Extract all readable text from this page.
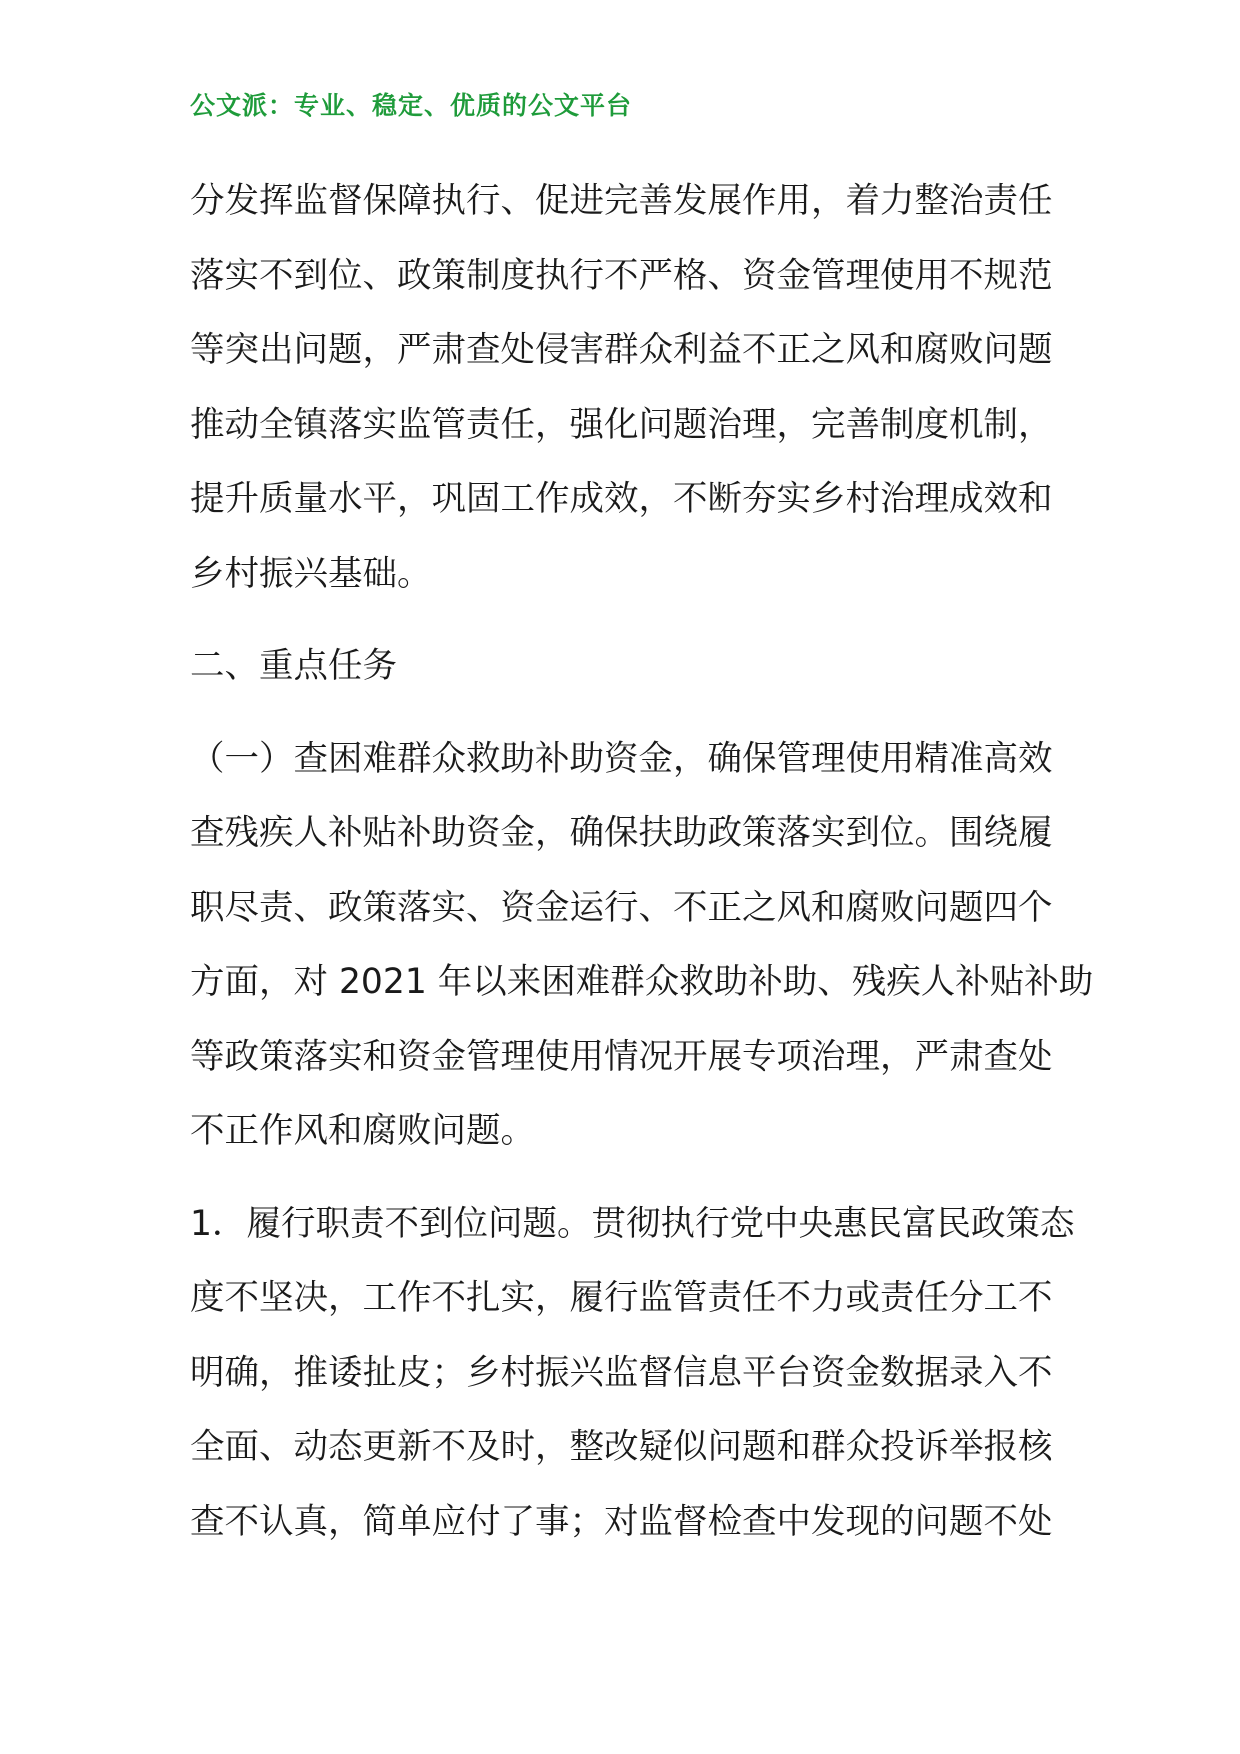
公文派：专业、稳定、优质的公文平台
分发挥监督保障执行、促进完善发展作用，着力整治责任
落实不到位、政策制度执行不严格、资金管理使用不规范
等突出问题，严肃查处侵害群众利益不正之风和腐败问题
推动全镇落实监管责任，强化问题治理，完善制度机制，
提升质量水平，巩固工作成效，不断夯实乡村治理成效和
乡村振兴基础。
二、重点任务
（一）查困难群众救助补助资金，确保管理使用精准高效
查残疾人补贴补助资金，确保扶助政策落实到位。围绕履
职尽责、政策落实、资金运行、不正之风和腐败问题四个
方面，对 2021 年以来困难群众救助补助、残疾人补贴补助
等政策落实和资金管理使用情况开展专项治理，严肃查处
不正作风和腐败问题。
1．履行职责不到位问题。贯彻执行党中央惠民富民政策态
度不坚决，工作不扎实，履行监管责任不力或责任分工不
明确，推诿扯皮；乡村振兴监督信息平台资金数据录入不
全面、动态更新不及时，整改疑似问题和群众投诉举报核
查不认真，简单应付了事；对监督检查中发现的问题不处
